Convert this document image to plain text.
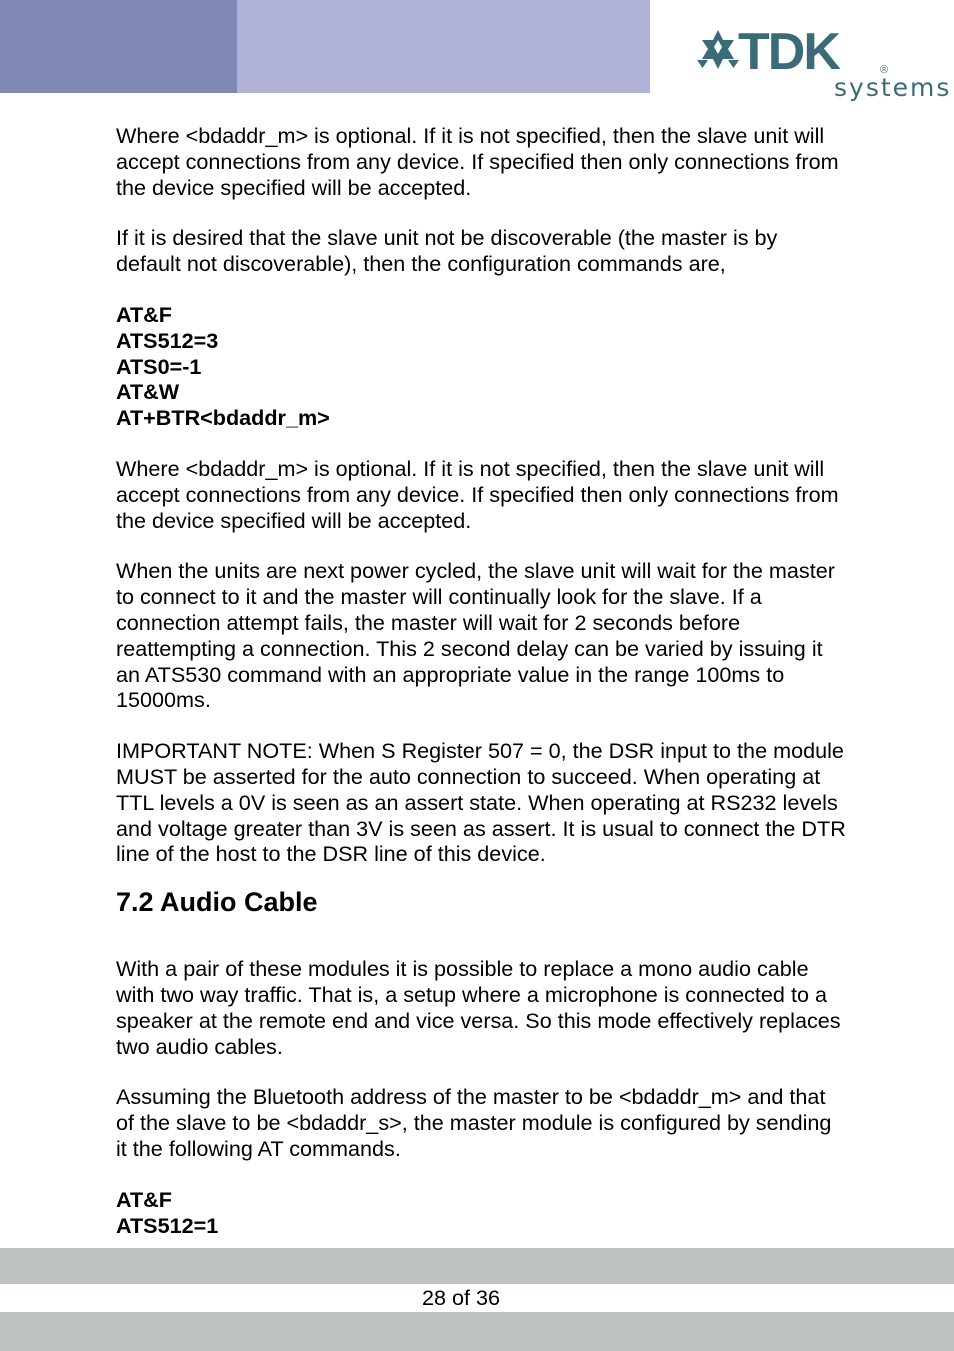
TDK	®
systems

Where <bdaddr_m> is optional. If it is not specified, then the slave unit will accept connections from any device. If specified then only connections from the device specified will be accepted.

If it is desired that the slave unit not be discoverable (the master is by default not discoverable), then the configuration commands are,

AT&F
ATS512=3
ATS0=-1
AT&W
AT+BTR<bdaddr_m>

Where <bdaddr_m> is optional. If it is not specified, then the slave unit will accept connections from any device. If specified then only connections from the device specified will be accepted.

When the units are next power cycled, the slave unit will wait for the master to connect to it and the master will continually look for the slave. If a connection attempt fails, the master will wait for 2 seconds before reattempting a connection. This 2 second delay can be varied by issuing it an ATS530 command with an appropriate value in the range 100ms to 15000ms.

IMPORTANT NOTE: When S Register 507 = 0, the DSR input to the module MUST be asserted for the auto connection to succeed. When operating at TTL levels a 0V is seen as an assert state. When operating at RS232 levels and voltage greater than 3V is seen as assert. It is usual to connect the DTR line of the host to the DSR line of this device.

7.2 Audio Cable

With a pair of these modules it is possible to replace a mono audio cable with two way traffic. That is, a setup where a microphone is connected to a speaker at the remote end and vice versa. So this mode effectively replaces two audio cables.

Assuming the Bluetooth address of the master to be <bdaddr_m> and that of the slave to be <bdaddr_s>, the master module is configured by sending it the following AT commands.

AT&F
ATS512=1
28 of 36
